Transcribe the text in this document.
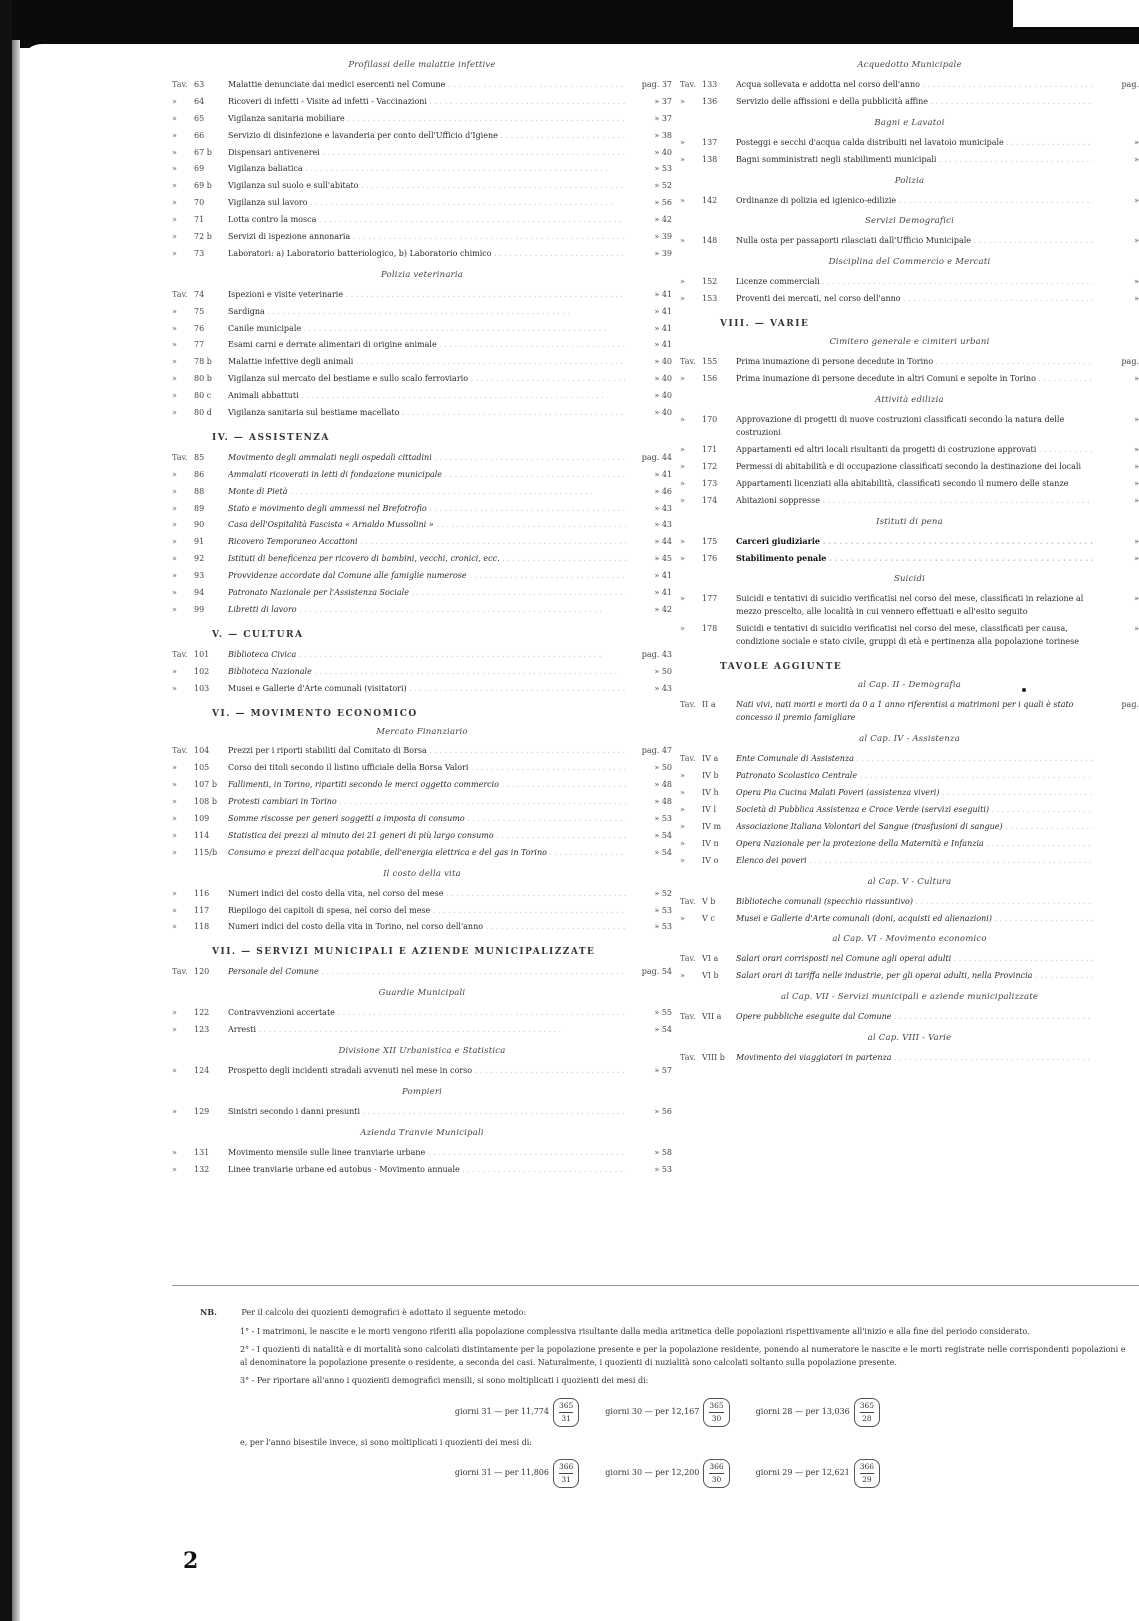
Profilassi delle malattie infettive
Tav. 63	Malattie denunciate dai medici esercenti nel Comune . . .	pag. 37
»	64	Ricoveri di infetti - Visite ad infetti - Vaccinazioni . . .	» 37
»	65	Vigilanza sanitaria mobiliare . . .	» 37
»	66	Servizio di disinfezione e lavanderia per conto dell'Ufficio d'Igiene . . .	» 38
»	67 b	Dispensari antivenerei . . .	» 40
»	69	Vigilanza baliatica . . .	» 53
»	69 b	Vigilanza sul suolo e sull'abitato . . .	» 52
»	70	Vigilanza sul lavoro . . .	» 56
»	71	Lotta contro la mosca . . .	» 42
»	72 b	Servizi di ispezione annonaria . . .	» 39
»	73	Laboratori: a) Laboratorio batteriologico, b) Laboratorio chimico . . .	» 39
Polizia veterinaria
Tav. 74	Ispezioni e visite veterinarie . . .	» 41
»	75	Sardigna . . .	» 41
»	76	Canile municipale . . .	» 41
»	77	Esami carni e derrate alimentari di origine animale . . .	» 41
»	78 b	Malattie infettive degli animali . . .	» 40
»	80 b	Vigilanza sul mercato del bestiame e sullo scalo ferroviario . . .	» 40
»	80 c	Animali abbattuti . . .	» 40
»	80 d	Vigilanza sanitaria sul bestiame macellato . . .	» 40
IV. — ASSISTENZA
Tav. 85	Movimento degli ammalati negli ospedali cittadini . . .	pag. 44
»	86	Ammalati ricoverati in letti di fondazione municipale . . .	» 41
»	88	Monte di Pietà . . .	» 46
»	89	Stato e movimento degli ammessi nel Brefotrofio . . .	» 43
»	90	Casa dell'Ospitalità Fascista « Arnaldo Mussolini » . . .	» 43
»	91	Ricovero Temporaneo Accattoni . . .	» 44
»	92	Istituti di beneficenza per ricovero di bambini, vecchi, cronici, ecc. . . .	» 45
»	93	Provvidenze accordate dal Comune alle famiglie numerose . . .	» 41
»	94	Patronato Nazionale per l'Assistenza Sociale . . .	» 41
»	99	Libretti di lavoro . . .	» 42
V. — CULTURA
Tav. 101	Biblioteca Civica . . .	pag. 43
»	102	Biblioteca Nazionale . . .	» 50
»	103	Musei e Gallerie d'Arte comunali (visitatori) . . .	» 43
VI. — MOVIMENTO ECONOMICO
Mercato Finanziario
Tav. 104	Prezzi per i riporti stabiliti dal Comitato di Borsa . . .	pag. 47
»	105	Corso dei titoli secondo il listino ufficiale della Borsa Valori . . .	» 50
»	107 b	Fallimenti, in Torino, ripartiti secondo le merci oggetto commercio . . .	» 48
»	108 b	Protesti cambiari in Torino . . .	» 48
»	109	Somme riscosse per generi soggetti a imposta di consumo . . .	» 53
»	114	Statistica dei prezzi al minuto dei 21 generi di più largo consumo . . .	» 54
»	115/b	Consumo e prezzi dell'acqua potabile, dell'energia elettrica e del gas in Torino . . .	» 54
Il costo della vita
»	116	Numeri indici del costo della vita, nel corso del mese . . .	» 52
»	117	Riepilogo dei capitoli di spesa, nel corso del mese . . .	» 53
»	118	Numeri indici del costo della vita in Torino, nel corso dell'anno . . .	» 53
VII. — SERVIZI MUNICIPALI E AZIENDE MUNICIPALIZZATE
Tav. 120	Personale del Comune . . .	pag. 54
Guardie Municipali
»	122	Contravvenzioni accertate . . .	» 55
»	123	Arresti . . .	» 54
Divisione XII Urbanistica e Statistica
»	124	Prospetto degli incidenti stradali avvenuti nel mese in corso . . .	» 57
Pompieri
»	129	Sinistri secondo i danni presunti . . .	» 56
Azienda Tranvie Municipali
»	131	Movimento mensile sulle linee tranviarie urbane . . .	» 58
»	132	Linee tranviarie urbane ed autobus - Movimento annuale . . .	» 53
Acquedotto Municipale
Tav. 133	Acqua sollevata e addotta nel corso dell'anno . . .	pag.
»	136	Servizio delle affissioni e della pubblicità affine . . .
Bagni e Lavatoi
»	137	Posteggi e secchi d'acqua calda distribuiti nel lavatoio municipale . . .	»
»	138	Bagni somministrati negli stabilimenti municipali . . .	»
Polizia
»	142	Ordinanze di polizia ed igienico-edilizie . . .	»
Servizi Demografici
»	148	Nulla osta per passaporti rilasciati dall'Ufficio Municipale . . .	»
Disciplina del Commercio e Mercati
»	152	Licenze commerciali . . .	»
»	153	Proventi dei mercati, nel corso dell'anno . . .	»
VIII. — VARIE
Cimitero generale e cimiteri urbani
Tav. 155	Prima inumazione di persone decedute in Torino . . .	pag.
»	156	Prima inumazione di persone decedute in altri Comuni e sepolte in Torino . . .	»
Attività edilizia
»	170	Approvazione di progetti di nuove costruzioni classificati secondo la natura delle costruzioni
»
»	171	Appartamenti ed altri locali risultanti da progetti di costruzione approvati . . .	»
»	172	Permessi di abitabilità e di occupazione classificati secondo la destinazione dei locali	»
»	173	Appartamenti licenziati alla abitabilità, classificati secondo il numero delle stanze	»
»	174	Abitazioni soppresse . . .	»
Istituti di pena
»	175	Carceri giudiziarie . . .	»
»	176	Stabilimento penale . . .	»
Suicidi
»	177	Suicidi e tentativi di suicidio verificatisi nel corso del mese, classificati in relazione al mezzo prescelto, alle località in cui vennero effettuati e all'esito seguito
»
»	178	Suicidi e tentativi di suicidio verificatisi nel corso del mese, classificati per causa, condizione sociale e stato civile, gruppi di età e pertinenza alla popolazione torinese
»
TAVOLE AGGIUNTE
al Cap. II - Demografia
Tav. II a	Nati vivi, nati morti e morti da 0 a 1 anno riferentisi a matrimoni per i quali è stato concesso il premio famigliare
pag.
al Cap. IV - Assistenza
Tav. IV a	Ente Comunale di Assistenza . . .
»	IV b	Patronato Scolastico Centrale . . .
»	IV h	Opera Pia Cucina Malati Poveri (assistenza viveri) . . .
»	IV l	Società di Pubblica Assistenza e Croce Verde (servizi eseguiti) . . .
»	IV m	Associazione Italiana Volontari del Sangue (trasfusioni di sangue) . . .
»	IV n	Opera Nazionale per la protezione della Maternità e Infanzia . . .
»	IV o	Elenco dei poveri . . .
al Cap. V - Cultura
Tav. V b	Biblioteche comunali (specchio riassuntivo) . . .
»	V c	Musei e Gallerie d'Arte comunali (doni, acquisti ed alienazioni) . . .
al Cap. VI - Movimento economico
Tav. VI a	Salari orari corrisposti nel Comune agli operai adulti . . .
»	VI b	Salari orari di tariffa nelle industrie, per gli operai adulti, nella Provincia . . .
al Cap. VII - Servizi municipali e aziende municipalizzate
Tav. VII a	Opere pubbliche eseguite dal Comune . . .
al Cap. VIII - Varie
Tav. VIII b	Movimento dei viaggiatori in partenza . . .
NB.	Per il calcolo dei quozienti demografici è adottato il seguente metodo:
1° - I matrimoni, le nascite e le morti vengono riferiti alla popolazione complessiva risultante dalla media aritmetica delle popolazioni rispettivamente all'inizio e alla fine del periodo considerato.
2° - I quozienti di natalità e di mortalità sono calcolati distintamente per la popolazione presente e per la popolazione residente, ponendo al numeratore le nascite e le morti registrate nelle corrispondenti popolazioni e al denominatore la popolazione presente o residente, a seconda dei casi. Naturalmente, i quozienti di nuzialità sono calcolati soltanto sulla popolazione presente.
3° - Per riportare all'anno i quozienti demografici mensili, si sono moltiplicati i quozienti dei mesi di:
giorni 31 — per $11,774 \frac{365}{31}$	giorni 30 — per $12,167 \frac{365}{30}$	giorni 28 — per $13,036 \frac{365}{28}$
e, per l'anno bisestile invece, si sono moltiplicati i quozienti dei mesi di:
giorni 31 — per $11,806 \frac{366}{31}$	giorni 30 — per $12,200 \frac{366}{30}$	giorni 29 — per $12,621 \frac{366}{29}$
2
